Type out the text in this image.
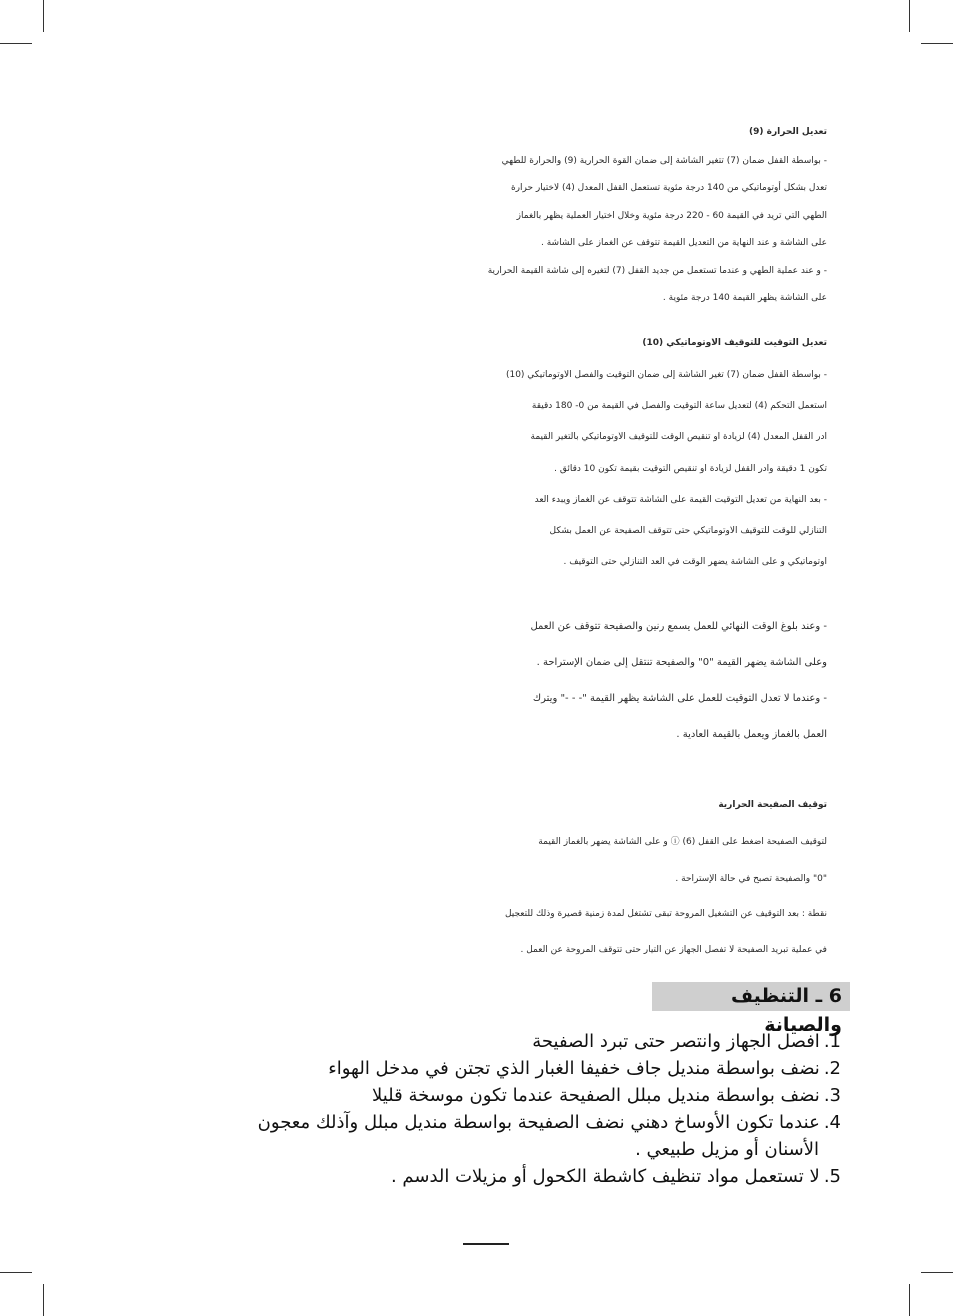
تعديل الحرارة (9)
- بواسطة القفل ضمان (7) تتغير الشاشة إلى ضمان القوة الحرارية (9) والحرارة للطهي
تعدل بشكل أوتوماتيكي من 140 درجة مئوية تستعمل القفل المعدل (4) لاختيار حرارة
الطهي التي تريد في القيمة 60 - 220 درجة مئوية وخلال اختيار العملية يظهر بالغماز
على الشاشة و عند النهاية من التعديل القيمة تتوقف عن الغماز على الشاشة .
- و عند عملية الطهي و عندما تستعمل من جديد القفل (7) لتغيره إلى شاشة القيمة الحرارية
على الشاشة يظهر القيمة 140 درجة مئوية .
تعديل التوقيت للتوقيف الاوتوماتيكي (10)
- بواسطة القفل ضمان (7) تغير الشاشة إلى ضمان التوقيت والفصل الاوتوماتيكي (10)
استعمل التحكم (4) لتعديل ساعة التوقيت والفصل في القيمة من 0- 180 دقيقة
ادر القفل المعدل (4) لزيادة او تنقيص الوقت للتوقيف الاوتوماتيكي بالتغير القيمة
تكون 1 دقيقة وادر القفل لزيادة او تنقيص التوقيت بقيمة تكون 10 دقائق .
- بعد النهاية من تعديل التوقيت القيمة على الشاشة تتوقف عن الغماز ويبدء العد
التنازلي للوقت للتوقيف الاوتوماتيكي حتى تتوقف الصفيحة عن العمل بشكل
اوتوماتيكي و على الشاشة يضهر الوقت في العد التنازلي حتى التوقيف .
- وعند بلوغ الوقت النهائي للعمل يسمع رنين والصفيحة تتوقف عن العمل
وعلى الشاشة يضهر القيمة "0" والصفيحة تنتقل إلى ضمان الإستراحة .
- وعندما لا تعدل التوقيت للعمل على الشاشة يظهر القيمة "- - -" ويترك
العمل بالغماز ويعمل بالقيمة العادية .
توقيف الصفيحة الحرارية
لتوقيف الصفيحة اضغط على القفل ⓘ (6) و على الشاشة يضهر بالغماز القيمة
"0" والصفيحة تصبح في حالة الإستراحة .
نقطة : بعد التوقيف عن التشغيل المروحة تبقى تشتغل لمدة زمنية قصيرة وذلك للتعجيل
في عملية تبريد الصفيحة لا تفصل الجهاز عن التيار حتى تتوقف المروحة عن العمل .
6 ـ التنظيف والصيانة
1.افصل الجهاز وانتصر حتى تبرد الصفيحة
2.نضف بواسطة منديل جاف خفيفا الغبار الذي تجتن في مدخل الهواء
3.نضف بواسطة منديل مبلل الصفيحة عندما تكون موسخة قليلا
4.عندما تكون الأوساخ دهني نضف الصفيحة بواسطة منديل مبلل وآذلك معجون
الأسنان أو مزيل طبيعي .
5.لا تستعمل مواد تنظيف كاشطة الكحول أو مزيلات الدسم .
